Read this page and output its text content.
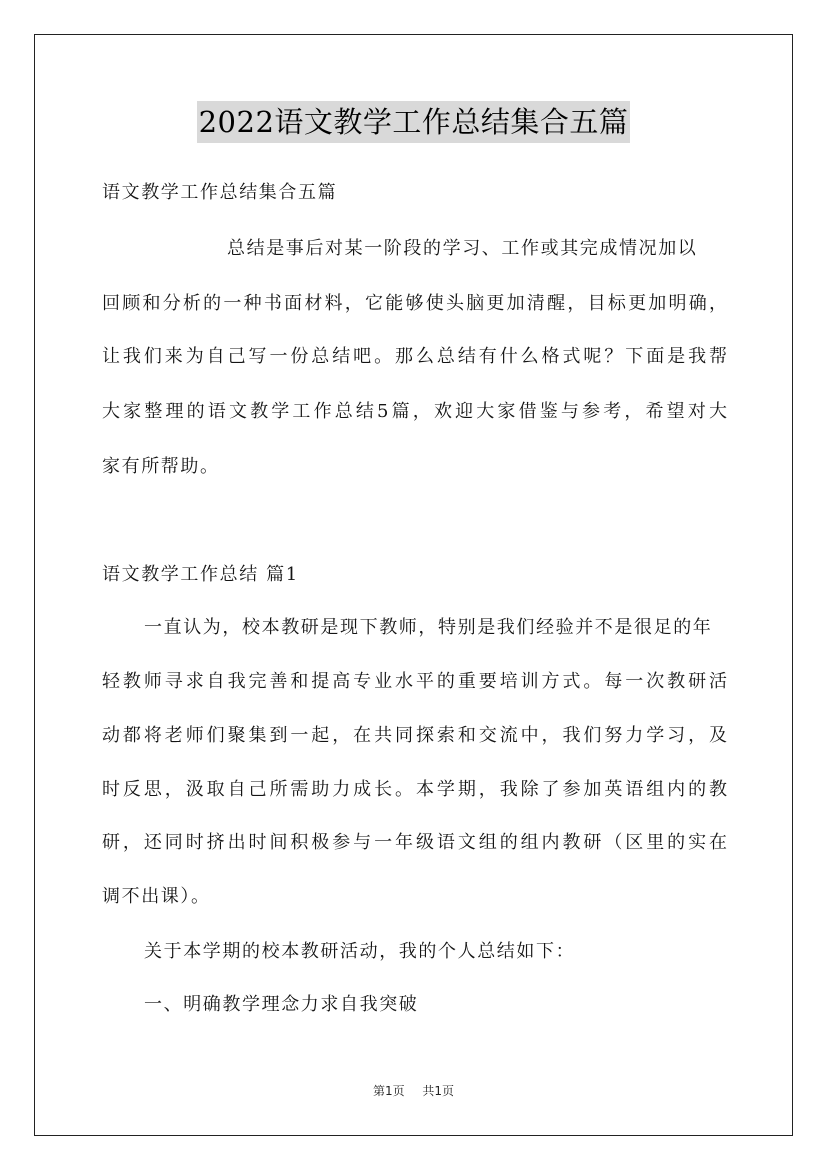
2022语文教学工作总结集合五篇
语文教学工作总结集合五篇
总结是事后对某一阶段的学习、工作或其完成情况加以
回顾和分析的一种书面材料，它能够使头脑更加清醒，目标更加明确，
让我们来为自己写一份总结吧。那么总结有什么格式呢？下面是我帮
大家整理的语文教学工作总结5篇，欢迎大家借鉴与参考，希望对大
家有所帮助。
语文教学工作总结 篇1
一直认为，校本教研是现下教师，特别是我们经验并不是很足的年
轻教师寻求自我完善和提高专业水平的重要培训方式。每一次教研活
动都将老师们聚集到一起，在共同探索和交流中，我们努力学习，及
时反思，汲取自己所需助力成长。本学期，我除了参加英语组内的教
研，还同时挤出时间积极参与一年级语文组的组内教研（区里的实在
调不出课）。
关于本学期的校本教研活动，我的个人总结如下：
一、明确教学理念力求自我突破
第1页 共1页
